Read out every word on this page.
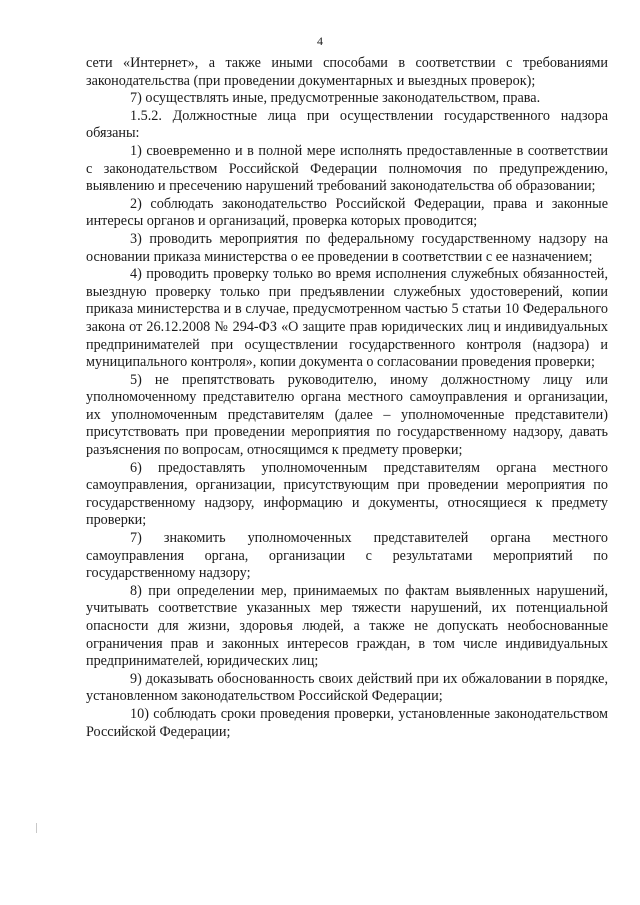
4

сети «Интернет», а также иными способами в соответствии с требованиями законодательства (при проведении документарных и выездных проверок);

7) осуществлять иные, предусмотренные законодательством, права.

1.5.2. Должностные лица при осуществлении государственного надзора обязаны:

1) своевременно и в полной мере исполнять предоставленные в соответствии с законодательством Российской Федерации полномочия по предупреждению, выявлению и пресечению нарушений требований законодательства об образовании;

2) соблюдать законодательство Российской Федерации, права и законные интересы органов и организаций, проверка которых проводится;

3) проводить мероприятия по федеральному государственному надзору на основании приказа министерства о ее проведении в соответствии с ее назначением;

4) проводить проверку только во время исполнения служебных обязанностей, выездную проверку только при предъявлении служебных удостоверений, копии приказа министерства и в случае, предусмотренном частью 5 статьи 10 Федерального закона от 26.12.2008 № 294-ФЗ «О защите прав юридических лиц и индивидуальных предпринимателей при осуществлении государственного контроля (надзора) и муниципального контроля», копии документа о согласовании проведения проверки;

5) не препятствовать руководителю, иному должностному лицу или уполномоченному представителю органа местного самоуправления и организации, их уполномоченным представителям (далее – уполномоченные представители) присутствовать при проведении мероприятия по государственному надзору, давать разъяснения по вопросам, относящимся к предмету проверки;

6) предоставлять уполномоченным представителям органа местного самоуправления, организации, присутствующим при проведении мероприятия по государственному надзору, информацию и документы, относящиеся к предмету проверки;

7) знакомить уполномоченных представителей органа местного самоуправления органа, организации с результатами мероприятий по государственному надзору;

8) при определении мер, принимаемых по фактам выявленных нарушений, учитывать соответствие указанных мер тяжести нарушений, их потенциальной опасности для жизни, здоровья людей, а также не допускать необоснованные ограничения прав и законных интересов граждан, в том числе индивидуальных предпринимателей, юридических лиц;

9) доказывать обоснованность своих действий при их обжаловании в порядке, установленном законодательством Российской Федерации;

10) соблюдать сроки проведения проверки, установленные законодательством Российской Федерации;
